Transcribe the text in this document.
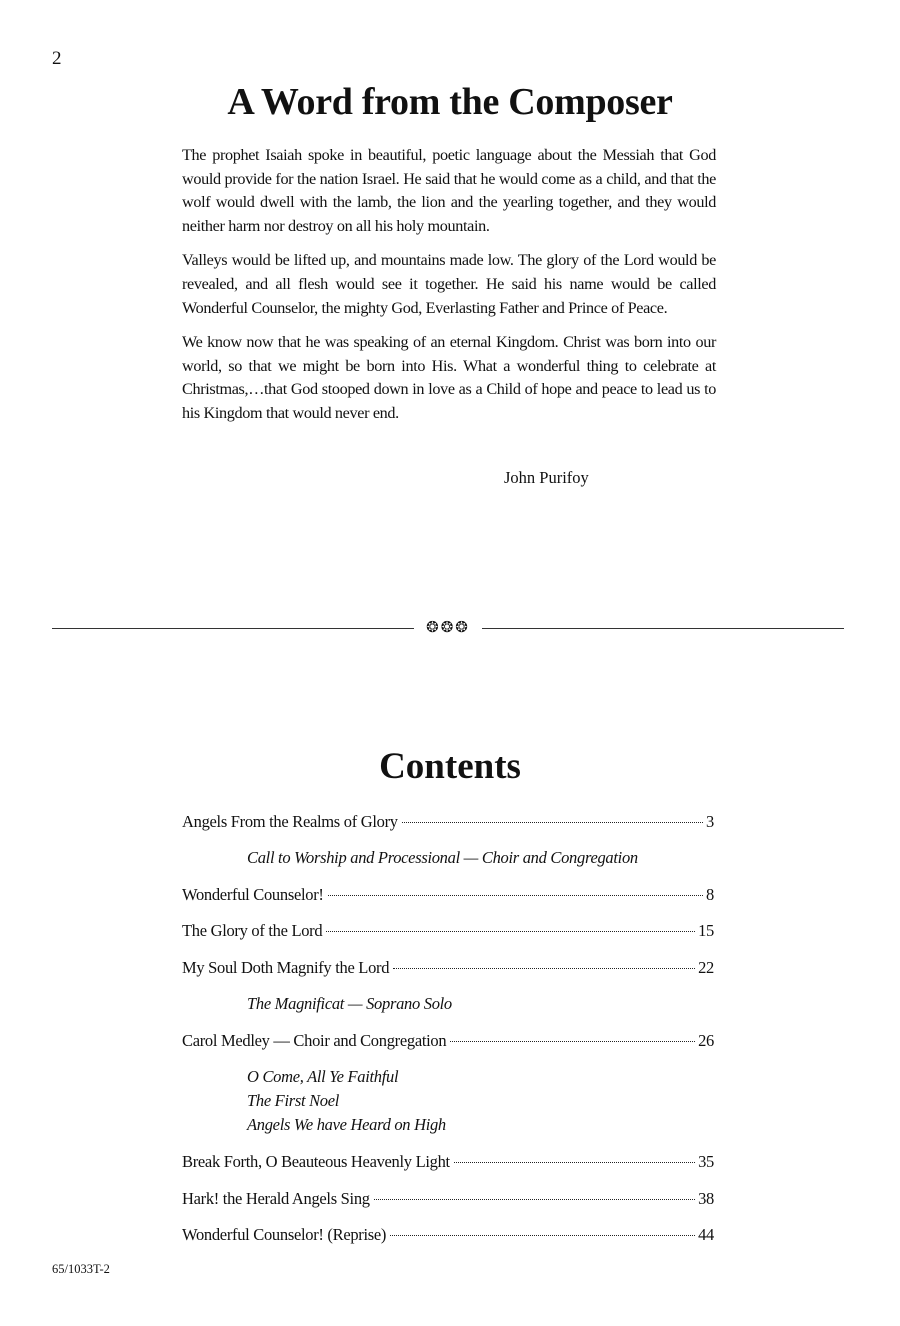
2
A Word from the Composer

The prophet Isaiah spoke in beautiful, poetic language about the Messiah that God would provide for the nation Israel. He said that he would come as a child, and that the wolf would dwell with the lamb, the lion and the yearling together, and they would neither harm nor destroy on all his holy mountain.

Valleys would be lifted up, and mountains made low. The glory of the Lord would be revealed, and all flesh would see it together. He said his name would be called Wonderful Counselor, the mighty God, Everlasting Father and Prince of Peace.

We know now that he was speaking of an eternal Kingdom. Christ was born into our world, so that we might be born into His. What a wonderful thing to celebrate at Christmas,…that God stooped down in love as a Child of hope and peace to lead us to his Kingdom that would never end.

John Purifoy
❂❂❂
Contents
Angels From the Realms of Glory	3
Call to Worship and Processional — Choir and Congregation
Wonderful Counselor!	8
The Glory of the Lord	15
My Soul Doth Magnify the Lord	22
The Magnificat — Soprano Solo
Carol Medley — Choir and Congregation	26
O Come, All Ye Faithful
The First Noel
Angels We have Heard on High
Break Forth, O Beauteous Heavenly Light	35
Hark! the Herald Angels Sing	38
Wonderful Counselor! (Reprise)	44
65/1033T-2
